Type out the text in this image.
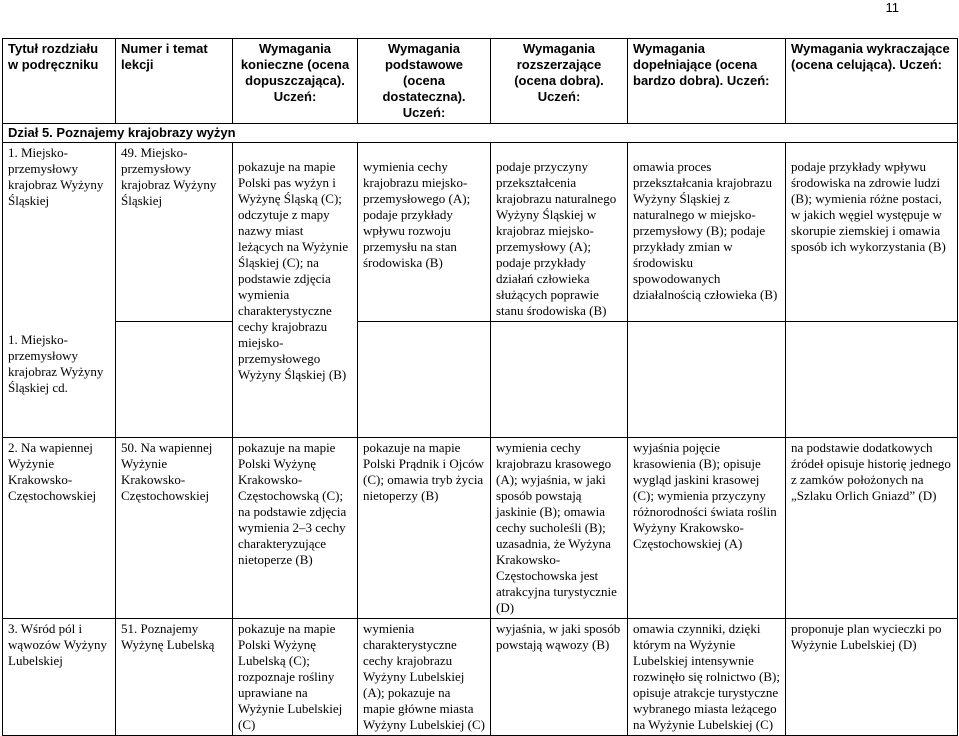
11
Tytuł rozdziału w podręczniku	Numer i temat lekcji	Wymagania konieczne (ocena dopuszczająca). Uczeń:	Wymagania podstawowe (ocena dostateczna). Uczeń:	Wymagania rozszerzające (ocena dobra). Uczeń:	Wymagania dopełniające (ocena bardzo dobra). Uczeń:	Wymagania wykraczające (ocena celująca). Uczeń:
Dział 5. Poznajemy krajobrazy wyżyn						
1. Miejsko-przemysłowy krajobraz Wyżyny Śląskiej	49. Miejsko-przemysłowy krajobraz Wyżyny Śląskiej	pokazuje na mapie Polski pas wyżyn i Wyżynę Śląską (C); odczytuje z mapy nazwy miast leżących na Wyżynie Śląskiej (C); na podstawie zdjęcia wymienia charakterystyczne cechy krajobrazu miejsko-przemysłowego Wyżyny Śląskiej (B)	wymienia cechy krajobrazu miejsko-przemysłowego (A); podaje przykłady wpływu rozwoju przemysłu na stan środowiska (B)	podaje przyczyny przekształcenia krajobrazu naturalnego Wyżyny Śląskiej w krajobraz miejsko-przemysłowy (A); podaje przykłady działań człowieka służących poprawie stanu środowiska (B)	omawia proces przekształcania krajobrazu Wyżyny Śląskiej z naturalnego w miejsko-przemysłowy (B); podaje przykłady zmian w środowisku spowodowanych działalnością człowieka (B)	podaje przykłady wpływu środowiska na zdrowie ludzi (B); wymienia różne postaci, w jakich węgiel występuje w skorupie ziemskiej i omawia sposób ich wykorzystania (B)
1. Miejsko-przemysłowy krajobraz Wyżyny Śląskiej cd.						
2. Na wapiennej Wyżynie Krakowsko-Częstochowskiej	50. Na wapiennej Wyżynie Krakowsko-Częstochowskiej	pokazuje na mapie Polski Wyżynę Krakowsko-Częstochowską (C); na podstawie zdjęcia wymienia 2–3 cechy charakteryzujące nietoperze (B)	pokazuje na mapie Polski Prądnik i Ojców (C); omawia tryb życia nietoperzy (B)	wymienia cechy krajobrazu krasowego (A); wyjaśnia, w jaki sposób powstają jaskinie (B); omawia cechy sucholeśli (B); uzasadnia, że Wyżyna Krakowsko-Częstochowska jest atrakcyjna turystycznie (D)	wyjaśnia pojęcie krasowienia (B); opisuje wygląd jaskini krasowej (C); wymienia przyczyny różnorodności świata roślin Wyżyny Krakowsko-Częstochowskiej (A)	na podstawie dodatkowych źródeł opisuje historię jednego z zamków położonych na „Szlaku Orlich Gniazd” (D)
3. Wśród pól i wąwozów Wyżyny Lubelskiej	51. Poznajemy Wyżynę Lubelską	pokazuje na mapie Polski Wyżynę Lubelską (C); rozpoznaje rośliny uprawiane na Wyżynie Lubelskiej (C)	wymienia charakterystyczne cechy krajobrazu Wyżyny Lubelskiej (A); pokazuje na mapie główne miasta Wyżyny Lubelskiej (C)	wyjaśnia, w jaki sposób powstają wąwozy (B)	omawia czynniki, dzięki którym na Wyżynie Lubelskiej intensywnie rozwinęło się rolnictwo (B); opisuje atrakcje turystyczne wybranego miasta leżącego na Wyżynie Lubelskiej (C)	proponuje plan wycieczki po Wyżynie Lubelskiej (D)
